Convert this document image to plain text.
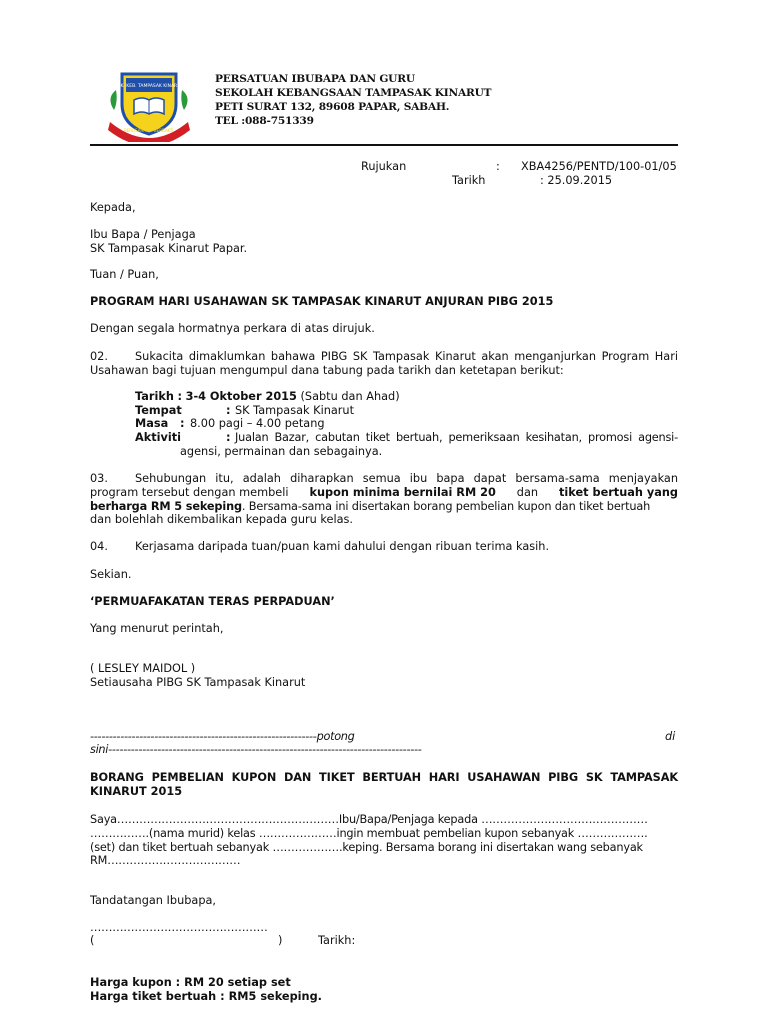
SEK. KEB. TAMPASAK KINARUT
BERUSAHA BERBAKTI
PERSATUAN IBUBAPA DAN GURU
SEKOLAH KEBANGSAAN TAMPASAK KINARUT
PETI SURAT 132, 89608 PAPAR, SABAH.
TEL :088-751339
Rujukan	: XBA4256/PENTD/100-01/05
Tarikh	: 25.09.2015
Kepada,
Ibu Bapa / Penjaga
SK Tampasak Kinarut Papar.
Tuan / Puan,
PROGRAM HARI USAHAWAN SK TAMPASAK KINARUT ANJURAN PIBG 2015
Dengan segala hormatnya perkara di atas dirujuk.
02. Sukacita dimaklumkan bahawa PIBG SK Tampasak Kinarut akan menganjurkan Program Hari
Usahawan bagi tujuan mengumpul dana tabung pada tarikh dan ketetapan berikut:
Tarikh : 3-4 Oktober 2015 (Sabtu dan Ahad)
Tempat	: SK Tampasak Kinarut
Masa : 8.00 pagi – 4.00 petang
Aktiviti	: Jualan Bazar, cabutan tiket bertuah, pemeriksaan kesihatan, promosi agensi-
agensi, permainan dan sebagainya.
03. Sehubungan itu, adalah diharapkan semua ibu bapa dapat bersama-sama menjayakan
program tersebut dengan membeli kupon minima bernilai RM 20 dan tiket bertuah yang
berharga RM 5 sekeping. Bersama-sama ini disertakan borang pembelian kupon dan tiket bertuah
dan bolehlah dikembalikan kepada guru kelas.
04. Kerjasama daripada tuan/puan kami dahului dengan ribuan terima kasih.
Sekian.
‘PERMUAFAKATAN TERAS PERPADUAN’
Yang menurut perintah,
( LESLEY MAIDOL )
Setiausaha PIBG SK Tampasak Kinarut
------------------------------------------------------------potong	di
sini-----------------------------------------------------------------------------------
BORANG PEMBELIAN KUPON DAN TIKET BERTUAH HARI USAHAWAN PIBG SK TAMPASAK
KINARUT 2015
Saya……………………………………………………Ibu/Bapa/Penjaga kepada ………………………………………
…………….(nama murid) kelas …………………ingin membuat pembelian kupon sebanyak ……………….
(set) dan tiket bertuah sebanyak ……………….keping. Bersama borang ini disertakan wang sebanyak
RM………………………………
Tandatangan Ibubapa,
…………………………………………
(	)	Tarikh:
Harga kupon : RM 20 setiap set
Harga tiket bertuah : RM5 sekeping.
